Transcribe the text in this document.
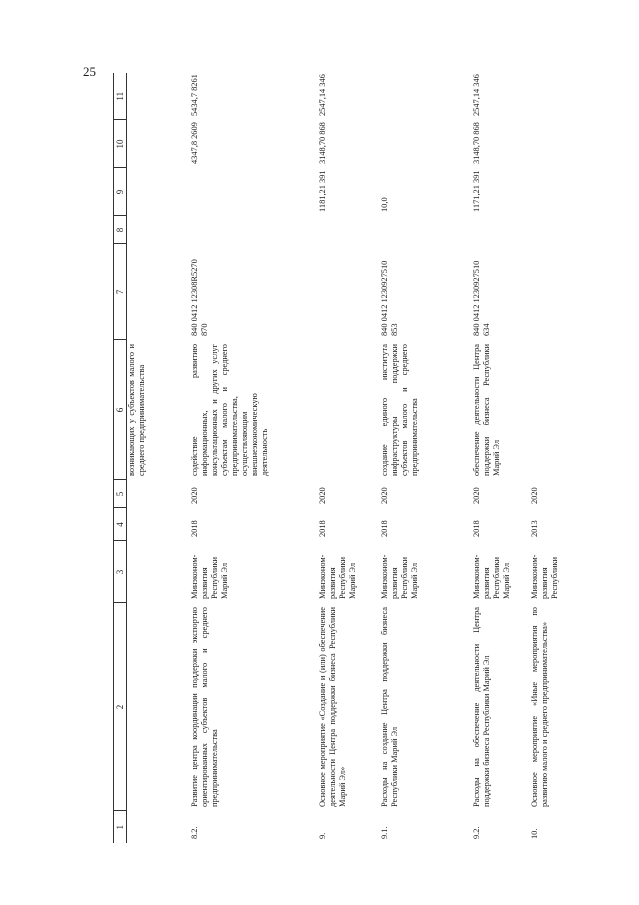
25
1	2	3	4	5	6	7	8	9	10	11
					возникающих у субъектов малого и среднего предпринимательства					
8.2.	Развитие центра координации поддержки экспортно ориентированных субъектов малого и среднего предпринимательства	Минэконом-развития Республики Марий Эл	2018	2020	содействие развитию информационных, консультационных и других услуг субъектам малого и среднего предпринимательства, осуществляющим внешнеэкономическую деятельность	840 0412 12308R5270 870			4347,8 2609	5434,7 8261
9.	Основное мероприятие «Создание и (или) обеспечение деятельности Центра поддержки бизнеса Республики Марий Эл»	Минэконом-развития Республики Марий Эл	2018	2020				1181,21 391	3148,70 868	2547,14 346
9.1.	Расходы на создание Центра поддержки бизнеса Республики Марий Эл	Минэконом-развития Республики Марий Эл	2018	2020	создание единого института инфраструктуры поддержки субъектов малого и среднего предпринимательства	840 0412 1230927510 853		10,0		
9.2.	Расходы на обеспечение деятельности Центра поддержки бизнеса Республики Марий Эл	Минэконом-развития Республики Марий Эл	2018	2020	обеспечение деятельности Центра поддержки бизнеса Республики Марий Эл	840 0412 1230927510 634		1171,21 391	3148,70 868	2547,14 346
10.	Основное мероприятие «Иные мероприятия по развитию малого и среднего предпринимательства»	Минэконом-развития Республики	2013	2020						
